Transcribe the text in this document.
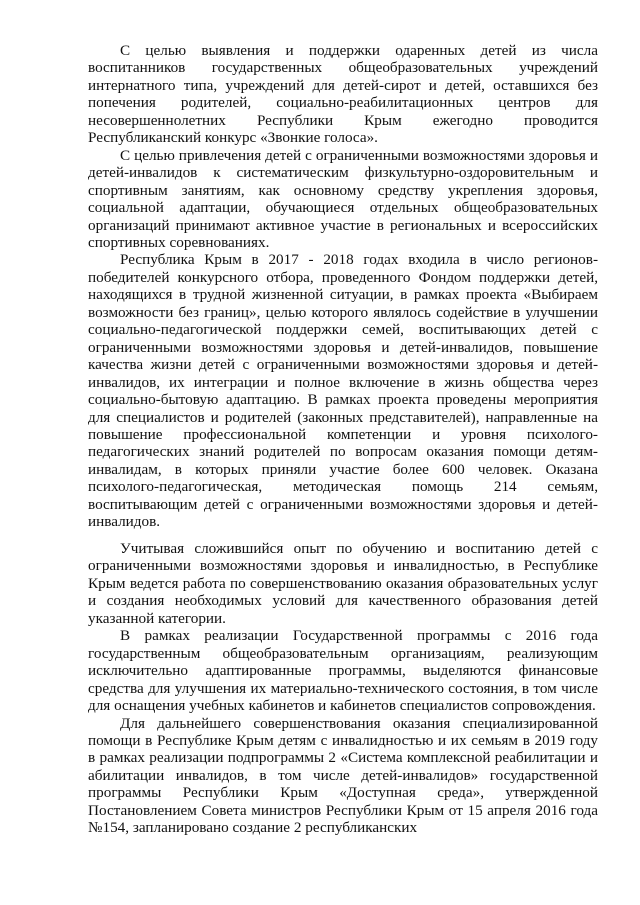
С целью выявления и поддержки одаренных детей из числа воспитанников государственных общеобразовательных учреждений интернатного типа, учреждений для детей-сирот и детей, оставшихся без попечения родителей, социально-реабилитационных центров для несовершеннолетних Республики Крым ежегодно проводится Республиканский конкурс «Звонкие голоса».

С целью привлечения детей с ограниченными возможностями здоровья и детей-инвалидов к систематическим физкультурно-оздоровительным и спортивным занятиям, как основному средству укрепления здоровья, социальной адаптации, обучающиеся отдельных общеобразовательных организаций принимают активное участие в региональных и всероссийских спортивных соревнованиях.

Республика Крым в 2017 - 2018 годах входила в число регионов-победителей конкурсного отбора, проведенного Фондом поддержки детей, находящихся в трудной жизненной ситуации, в рамках проекта «Выбираем возможности без границ», целью которого являлось содействие в улучшении социально-педагогической поддержки семей, воспитывающих детей с ограниченными возможностями здоровья и детей-инвалидов, повышение качества жизни детей с ограниченными возможностями здоровья и детей-инвалидов, их интеграции и полное включение в жизнь общества через социально-бытовую адаптацию. В рамках проекта проведены мероприятия для специалистов и родителей (законных представителей), направленные на повышение профессиональной компетенции и уровня психолого-педагогических знаний родителей по вопросам оказания помощи детям-инвалидам, в которых приняли участие более 600 человек. Оказана психолого-педагогическая, методическая помощь 214 семьям, воспитывающим детей с ограниченными возможностями здоровья и детей-инвалидов.

Учитывая сложившийся опыт по обучению и воспитанию детей с ограниченными возможностями здоровья и инвалидностью, в Республике Крым ведется работа по совершенствованию оказания образовательных услуг и создания необходимых условий для качественного образования детей указанной категории.

В рамках реализации Государственной программы с 2016 года государственным общеобразовательным организациям, реализующим исключительно адаптированные программы, выделяются финансовые средства для улучшения их материально-технического состояния, в том числе для оснащения учебных кабинетов и кабинетов специалистов сопровождения.

Для дальнейшего совершенствования оказания специализированной помощи в Республике Крым детям с инвалидностью и их семьям в 2019 году в рамках реализации подпрограммы 2 «Система комплексной реабилитации и абилитации инвалидов, в том числе детей-инвалидов» государственной программы Республики Крым «Доступная среда», утвержденной Постановлением Совета министров Республики Крым от 15 апреля 2016 года №154, запланировано создание 2 республиканских
